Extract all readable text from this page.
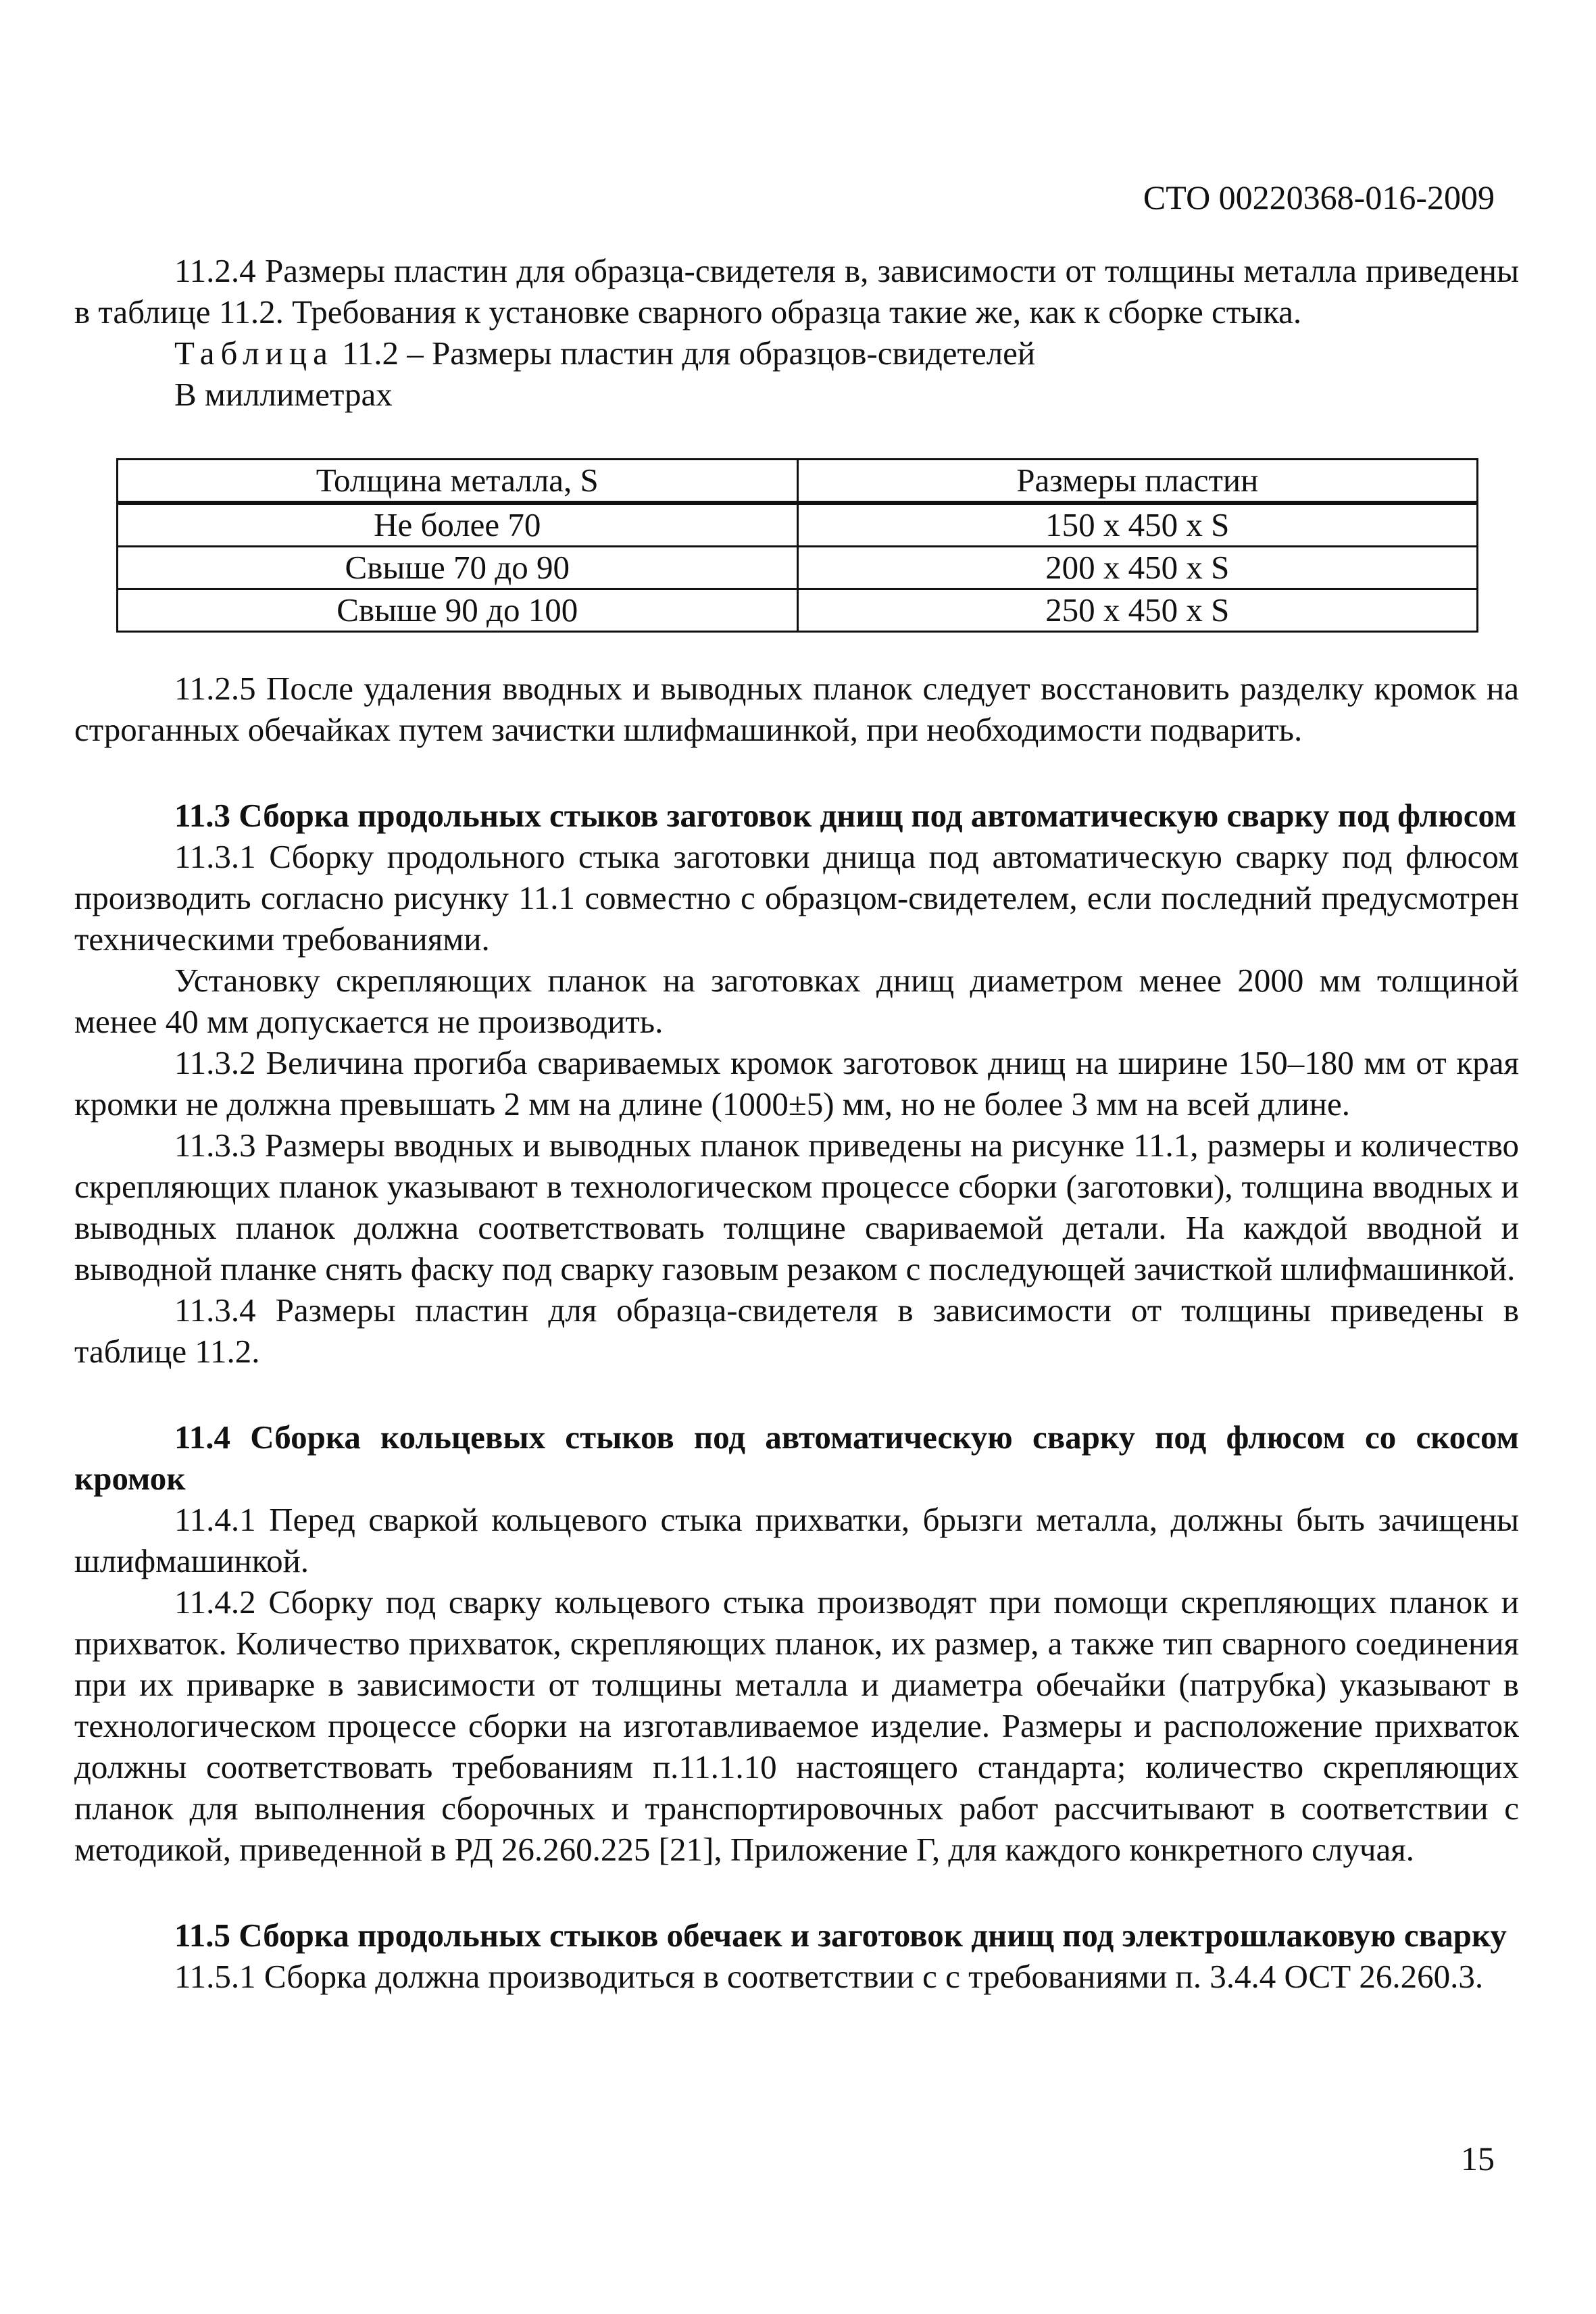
СТО 00220368-016-2009

11.2.4 Размеры пластин для образца-свидетеля в, зависимости от толщины металла приведены в таблице 11.2. Требования к установке сварного образца такие же, как к сборке стыка.

Таблица 11.2 – Размеры пластин для образцов-свидетелей

В миллиметрах

Толщина металла, S	Размеры пластин
Не более 70	150 х 450 х S
Свыше 70 до 90	200 х 450 х S
Свыше 90 до 100	250 х 450 х S

11.2.5 После удаления вводных и выводных планок следует восстановить разделку кромок на строганных обечайках путем зачистки шлифмашинкой, при необходимости подварить.

11.3 Сборка продольных стыков заготовок днищ под автоматическую сварку под флюсом

11.3.1 Сборку продольного стыка заготовки днища под автоматическую сварку под флюсом производить согласно рисунку 11.1 совместно с образцом-свидетелем, если последний предусмотрен техническими требованиями.

Установку скрепляющих планок на заготовках днищ диаметром менее 2000 мм толщиной менее 40 мм допускается не производить.

11.3.2 Величина прогиба свариваемых кромок заготовок днищ на ширине 150–180 мм от края кромки не должна превышать 2 мм на длине (1000±5) мм, но не более 3 мм на всей длине.

11.3.3 Размеры вводных и выводных планок приведены на рисунке 11.1, размеры и количество скрепляющих планок указывают в технологическом процессе сборки (заготовки), толщина вводных и выводных планок должна соответствовать толщине свариваемой детали. На каждой вводной и выводной планке снять фаску под сварку газовым резаком с последующей зачисткой шлифмашинкой.

11.3.4 Размеры пластин для образца-свидетеля в зависимости от толщины приведены в таблице 11.2.

11.4 Сборка кольцевых стыков под автоматическую сварку под флюсом со скосом кромок

11.4.1 Перед сваркой кольцевого стыка прихватки, брызги металла, должны быть зачищены шлифмашинкой.

11.4.2 Сборку под сварку кольцевого стыка производят при помощи скрепляющих планок и прихваток. Количество прихваток, скрепляющих планок, их размер, а также тип сварного соединения при их приварке в зависимости от толщины металла и диаметра обечайки (патрубка) указывают в технологическом процессе сборки на изготавливаемое изделие. Размеры и расположение прихваток должны соответствовать требованиям п.11.1.10 настоящего стандарта; количество скрепляющих планок для выполнения сборочных и транспортировочных работ рассчитывают в соответствии с методикой, приведенной в РД 26.260.225 [21], Приложение Г, для каждого конкретного случая.

11.5 Сборка продольных стыков обечаек и заготовок днищ под электрошлаковую сварку

11.5.1 Сборка должна производиться в соответствии с с требованиями п. 3.4.4 ОСТ 26.260.3.

15
